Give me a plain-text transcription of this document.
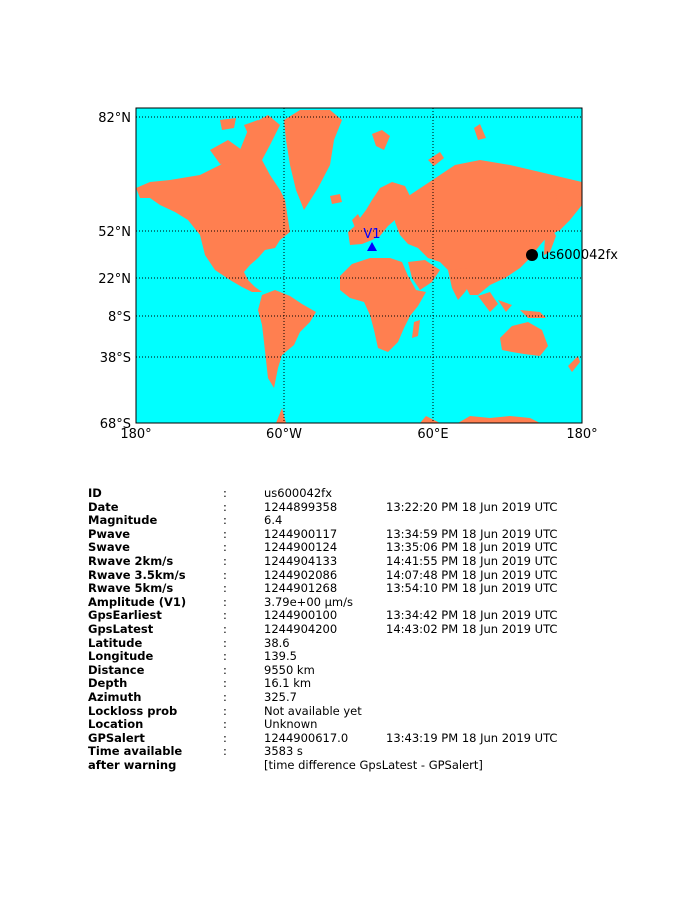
82°N
52°N
22°N
8°S
38°S
68°S
180°	60°W	60°E	180°
V1
us600042fx
ID	:	us600042fx
Date	:	1244899358	13:22:20 PM 18 Jun 2019 UTC
Magnitude	:	6.4
Pwave	:	1244900117	13:34:59 PM 18 Jun 2019 UTC
Swave	:	1244900124	13:35:06 PM 18 Jun 2019 UTC
Rwave 2km/s	:	1244904133	14:41:55 PM 18 Jun 2019 UTC
Rwave 3.5km/s	:	1244902086	14:07:48 PM 18 Jun 2019 UTC
Rwave 5km/s	:	1244901268	13:54:10 PM 18 Jun 2019 UTC
Amplitude (V1)	:	3.79e+00 μm/s
GpsEarliest	:	1244900100	13:34:42 PM 18 Jun 2019 UTC
GpsLatest	:	1244904200	14:43:02 PM 18 Jun 2019 UTC
Latitude	:	38.6
Longitude	:	139.5
Distance	:	9550 km
Depth	:	16.1 km
Azimuth	:	325.7
Lockloss prob	:	Not available yet
Location	:	Unknown
GPSalert	:	1244900617.0	13:43:19 PM 18 Jun 2019 UTC
Time available	:	3583 s
after warning	[time difference GpsLatest - GPSalert]
